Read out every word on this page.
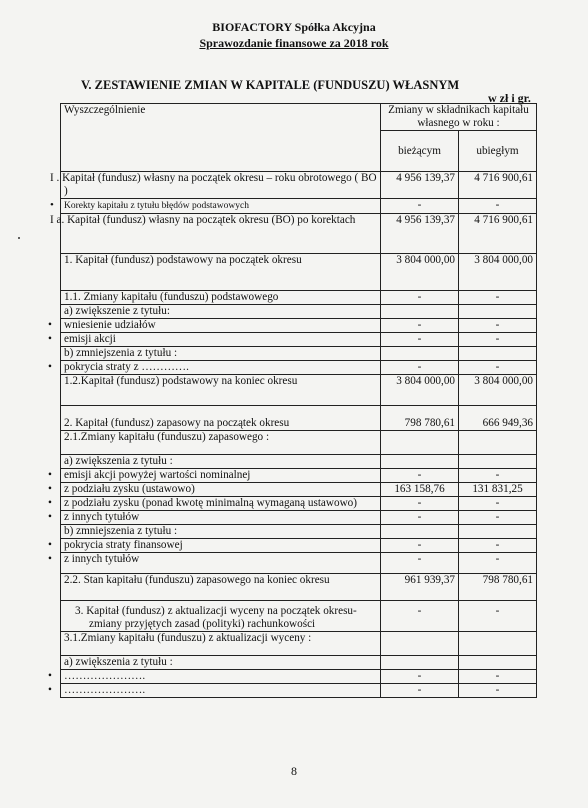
BIOFACTORY Spółka Akcyjna
Sprawozdanie finansowe za 2018 rok
V. ZESTAWIENIE ZMIAN W KAPITALE (FUNDUSZU) WŁASNYM
w zł i gr.
Wyszczególnienie	Zmiany w składnikach kapitału własnego w roku :	
	bieżącym	ubiegłym
I . Kapitał (fundusz) własny na początek okresu – roku obrotowego ( BO )	4 956 139,37	4 716 900,61
• Korekty kapitału z tytułu błędów podstawowych	-	-
I a. Kapitał (fundusz) własny na początek okresu (BO) po korektach	4 956 139,37	4 716 900,61
1. Kapitał (fundusz) podstawowy na początek okresu	3 804 000,00	3 804 000,00
1.1. Zmiany kapitału (funduszu) podstawowego	-	-
a) zwiększenie z tytułu:		
• wniesienie udziałów	-	-
• emisji akcji	-	-
b) zmniejszenia z tytułu :		
• pokrycia straty z ………….	-	-
1.2.Kapitał (fundusz) podstawowy na koniec okresu	3 804 000,00	3 804 000,00
2. Kapitał (fundusz) zapasowy na początek okresu	798 780,61	666 949,36
2.1.Zmiany kapitału (funduszu) zapasowego :		
a) zwiększenia z tytułu :		
• emisji akcji powyżej wartości nominalnej	-	-
• z podziału zysku (ustawowo)	163 158,76	131 831,25
• z podziału zysku (ponad kwotę minimalną wymaganą ustawowo)	-	-
• z innych tytułów	-	-
b) zmniejszenia z tytułu :		
• pokrycia straty finansowej	-	-
• z innych tytułów	-	-
2.2. Stan kapitału (funduszu) zapasowego na koniec okresu	961 939,37	798 780,61
3. Kapitał (fundusz) z aktualizacji wyceny na początek okresu- zmiany przyjętych zasad (polityki) rachunkowości	-	-
3.1.Zmiany kapitału (funduszu) z aktualizacji wyceny :		
a) zwiększenia z tytułu :		
• ………………….	-	-
• ………………….	-	-
8
